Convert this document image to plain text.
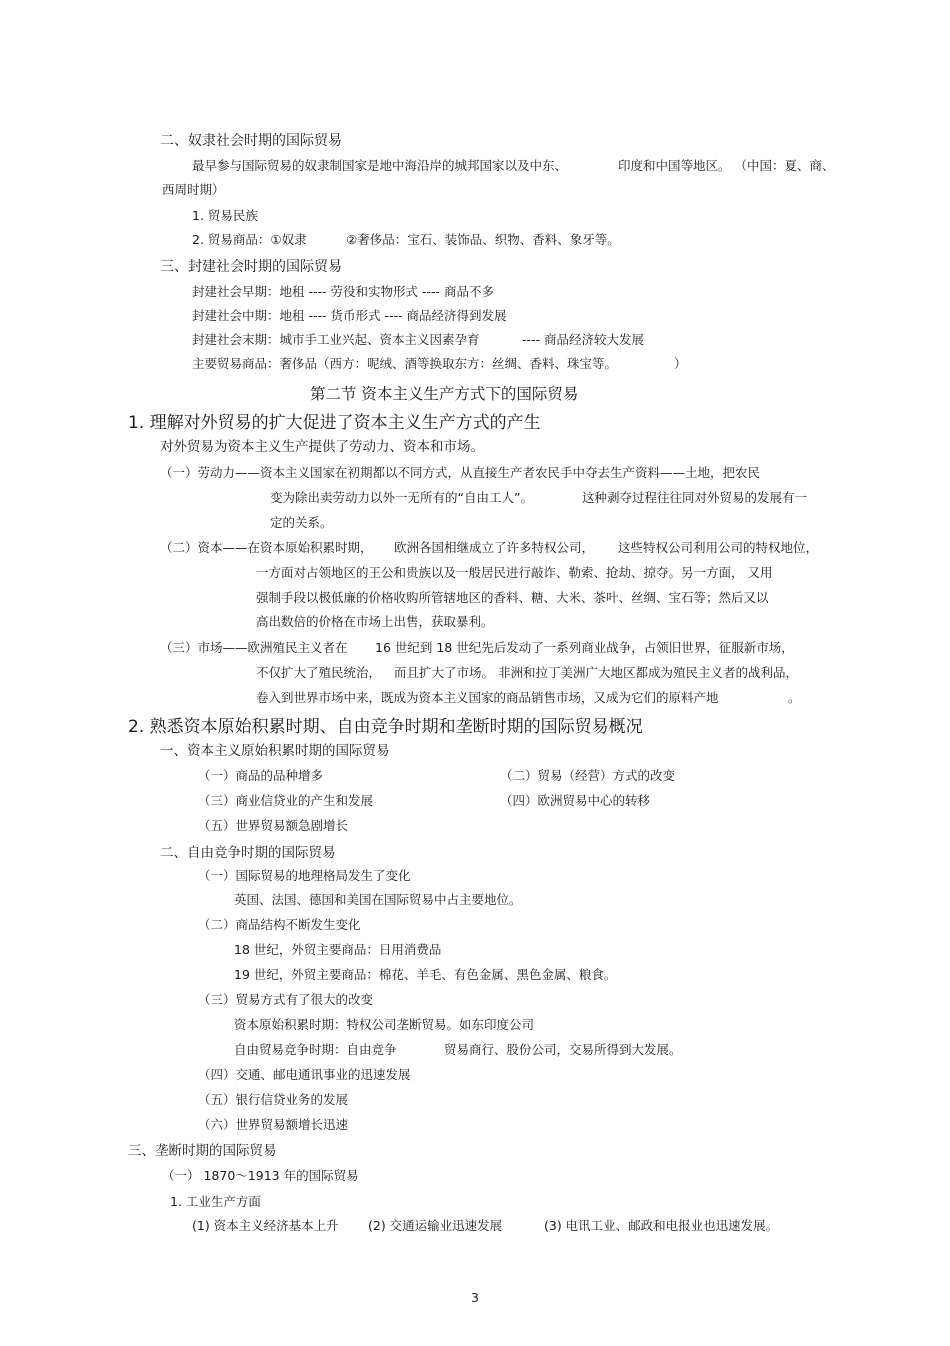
二、奴隶社会时期的国际贸易
最早参与国际贸易的奴隶制国家是地中海沿岸的城邦国家以及中东、	印度和中国等地区。 （中国：夏、商、
西周时期）
1. 贸易民族
2. 贸易商品：①奴隶	②奢侈品：宝石、装饰品、织物、香料、象牙等。
三、封建社会时期的国际贸易
封建社会早期：地租 ---- 劳役和实物形式 ---- 商品不多
封建社会中期：地租 ---- 货币形式 ---- 商品经济得到发展
封建社会末期：城市手工业兴起、资本主义因素孕育	---- 商品经济较大发展
主要贸易商品：奢侈品（西方：呢绒、酒等换取东方：丝绸、香料、珠宝等。	）
第二节 资本主义生产方式下的国际贸易
1. 理解对外贸易的扩大促进了资本主义生产方式的产生
对外贸易为资本主义生产提供了劳动力、资本和市场。
（一）劳动力——资本主义国家在初期都以不同方式，从直接生产者农民手中夺去生产资料——土地，把农民
变为除出卖劳动力以外一无所有的“自由工人”。	这种剥夺过程往往同对外贸易的发展有一
定的关系。
（二）资本——在资本原始积累时期， 欧洲各国相继成立了许多特权公司， 这些特权公司利用公司的特权地位，
一方面对占领地区的王公和贵族以及一般居民进行敲诈、勒索、抢劫、掠夺。另一方面， 又用
强制手段以极低廉的价格收购所管辖地区的香料、糖、大米、茶叶、丝绸、宝石等；然后又以
高出数倍的价格在市场上出售，获取暴利。
（三）市场——欧洲殖民主义者在 16 世纪到 18 世纪先后发动了一系列商业战争，占领旧世界，征服新市场，
不仅扩大了殖民统治， 而且扩大了市场。 非洲和拉丁美洲广大地区都成为殖民主义者的战利品，
卷入到世界市场中来，既成为资本主义国家的商品销售市场，又成为它们的原料产地	。
2. 熟悉资本原始积累时期、自由竞争时期和垄断时期的国际贸易概况
一、资本主义原始积累时期的国际贸易
（一）商品的品种增多	（二）贸易（经营）方式的改变
（三）商业信贷业的产生和发展	（四）欧洲贸易中心的转移
（五）世界贸易额急剧增长
二、自由竞争时期的国际贸易
（一）国际贸易的地理格局发生了变化
英国、法国、德国和美国在国际贸易中占主要地位。
（二）商品结构不断发生变化
18 世纪，外贸主要商品：日用消费品
19 世纪，外贸主要商品：棉花、羊毛、有色金属、黑色金属、粮食。
（三）贸易方式有了很大的改变
资本原始积累时期：特权公司垄断贸易。如东印度公司
自由贸易竞争时期：自由竞争	贸易商行、股份公司，交易所得到大发展。
（四）交通、邮电通讯事业的迅速发展
（五）银行信贷业务的发展
（六）世界贸易额增长迅速
三、垄断时期的国际贸易
（一） 1870～1913 年的国际贸易
1. 工业生产方面
(1) 资本主义经济基本上升 (2) 交通运输业迅速发展	(3) 电讯工业、邮政和电报业也迅速发展。
3
